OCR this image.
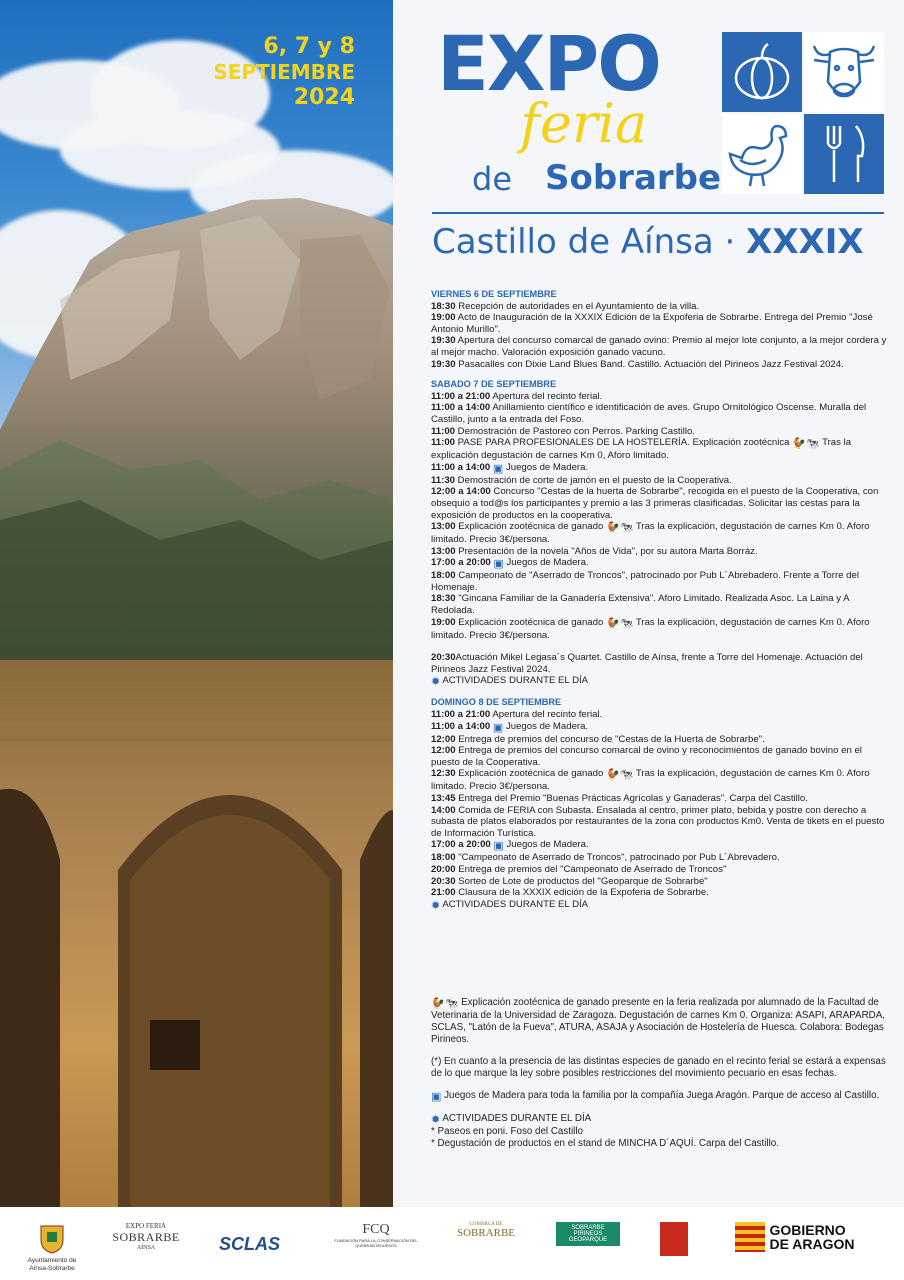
6, 7 y 8
SEPTIEMBRE
2024 EXPO
feria
de Sobrarbe
Castillo de Aínsa · XXXIX

VIERNES 6 DE SEPTIEMBRE

18:30 Recepción de autoridades en el Ayuntamiento de la villa.

19:00 Acto de Inauguración de la XXXIX Edición de la Expoferia de Sobrarbe. Entrega del Premio "José Antonio Murillo".

19:30 Apertura del concurso comarcal de ganado ovino: Premio al mejor lote conjunto, a la mejor cordera y al mejor macho. Valoración exposición ganado vacuno.

19:30 Pasacalles con Dixie Land Blues Band. Castillo. Actuación del Pirineos Jazz Festival 2024.

SABADO 7 DE SEPTIEMBRE

11:00 a 21:00 Apertura del recinto ferial.

11:00 a 14:00 Anillamiento científico e identificación de aves. Grupo Ornitológico Oscense. Muralla del Castillo, junto a la entrada del Foso.

11:00 Demostración de Pastoreo con Perros. Parking Castillo.

11:00 PASE PARA PROFESIONALES DE LA HOSTELERÍA. Explicación zootécnica 🐓🐄 Tras la explicación degustación de carnes Km 0, Aforo limitado.

11:00 a 14:00 ▣ Juegos de Madera.

11:30 Demostración de corte de jamón en el puesto de la Cooperativa.

12:00 a 14:00 Concurso "Cestas de la huerta de Sobrarbe", recogida en el puesto de la Cooperativa, con obsequio a tod@s los participantes y premio a las 3 primeras clasificadas. Solicitar las cestas para la exposición de productos en la cooperativa.

13:00 Explicación zootécnica de ganado 🐓🐄 Tras la explicación, degustación de carnes Km 0. Aforo limitado. Precio 3€/persona.

13:00 Presentación de la novela "Años de Vida", por su autora Marta Borráz.

17:00 a 20:00 ▣ Juegos de Madera.

18:00 Campeonato de "Aserrado de Troncos", patrocinado por Pub L´Abrebadero. Frente a Torre del Homenaje.

18:30 "Gincana Familiar de la Ganadería Extensiva". Aforo Limitado. Realizada Asoc. La Laina y A Redolada.

19:00 Explicación zootécnica de ganado 🐓🐄 Tras la explicación, degustación de carnes Km 0. Aforo limitado. Precio 3€/persona.

20:30Actuación Mikel Legasa´s Quartet. Castillo de Aínsa, frente a Torre del Homenaje. Actuación del Pirineos Jazz Festival 2024.

✹ ACTIVIDADES DURANTE EL DÍA

DOMINGO 8 DE SEPTIEMBRE

11:00 a 21:00 Apertura del recinto ferial.

11:00 a 14:00 ▣ Juegos de Madera.

12:00 Entrega de premios del concurso de "Cestas de la Huerta de Sobrarbe".

12:00 Entrega de premios del concurso comarcal de ovino y reconocimientos de ganado bovino en el puesto de la Cooperativa.

12:30 Explicación zootécnica de ganado 🐓🐄 Tras la explicación, degustación de carnes Km 0. Aforo limitado. Precio 3€/persona.

13:45 Entrega del Premio "Buenas Prácticas Agrícolas y Ganaderas". Carpa del Castillo.

14:00 Comida de FERIA con Subasta. Ensalada al centro, primer plato, bebida y postre con derecho a subasta de platos elaborados por restaurantes de la zona con productos Km0. Venta de tikets en el puesto de Información Turística.

17:00 a 20:00 ▣ Juegos de Madera.

18:00 "Campeonato de Aserrado de Troncos", patrocinado por Pub L´Abrevadero.

20:00 Entrega de premios del "Campeonato de Aserrado de Troncos"

20:30 Sorteo de Lote de productos del "Geoparque de Sobrarbe"

21:00 Clausura de la XXXIX edición de la Expoferia de Sobrarbe.

✹ ACTIVIDADES DURANTE EL DÍA

🐓🐄 Explicación zootécnica de ganado presente en la feria realizada por alumnado de la Facultad de Veterinaria de la Universidad de Zaragoza. Degustación de carnes Km 0. Organiza: ASAPI, ARAPARDA, SCLAS, "Latón de la Fueva", ATURA, ASAJA y Asociación de Hostelería de Huesca. Colabora: Bodegas Pirineos.

(*) En cuanto a la presencia de las distintas especies de ganado en el recinto ferial se estará a expensas de lo que marque la ley sobre posibles restricciones del movimiento pecuario en esas fechas.

▣ Juegos de Madera para toda la familia por la compañía Juega Aragón. Parque de acceso al Castillo.

✹ ACTIVIDADES DURANTE EL DÍA

* Paseos en poni. Foso del Castillo

* Degustación de productos en el stand de MINCHA D´AQUÍ. Carpa del Castillo.

Ayuntamiento de
Aínsa-Sobrarbe
EXPO FERIA
SOBRARBE
AÍNSA	SCLAS
FCQ
FUNDACIÓN PARA LA CONSERVACIÓN DEL QUEBRANTAHUESOS
COMARCA DE
SOBRARBE	SOBRARBE PIRINEOS
GEOPARQUE
GOBIERNO
DE ARAGON
